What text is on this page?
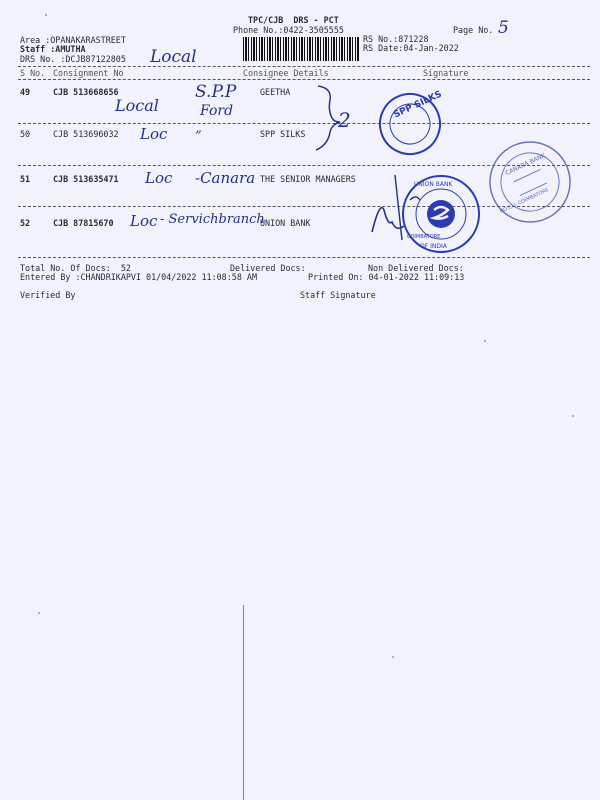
TPC/CJB  DRS - PCT
Phone No.:0422-3505555	Page No. 5
Area :OPANAKARASTREET
Staff :AMUTHA
DRS No. :DCJB87122805 Local
RS No.:871228
RS Date:04-Jan-2022
S No. Consignment No	Consignee Details	Signature
49	CJB 513668656	GEETHA
Local
S.P.P
Ford
50	CJB 513696032	SPP SILKS
Loc ”
51	CJB 513635471	THE SENIOR MANAGERS
Loc -Canara
52	CJB 87815670	UNION BANK
Loc - Servichbranch
Total No. Of Docs:  52	Delivered Docs:	Non Delivered Docs:
Entered By :CHANDRIKAPVI 01/04/2022 11:08:58 AM	Printed On: 04-01-2022 11:09:13
Verified By	Staff Signature
2	SPP SILKS
UNION BANK
OF INDIA
COIMBATORE
CANARA BANK
NO.CLL COIMBATORE
